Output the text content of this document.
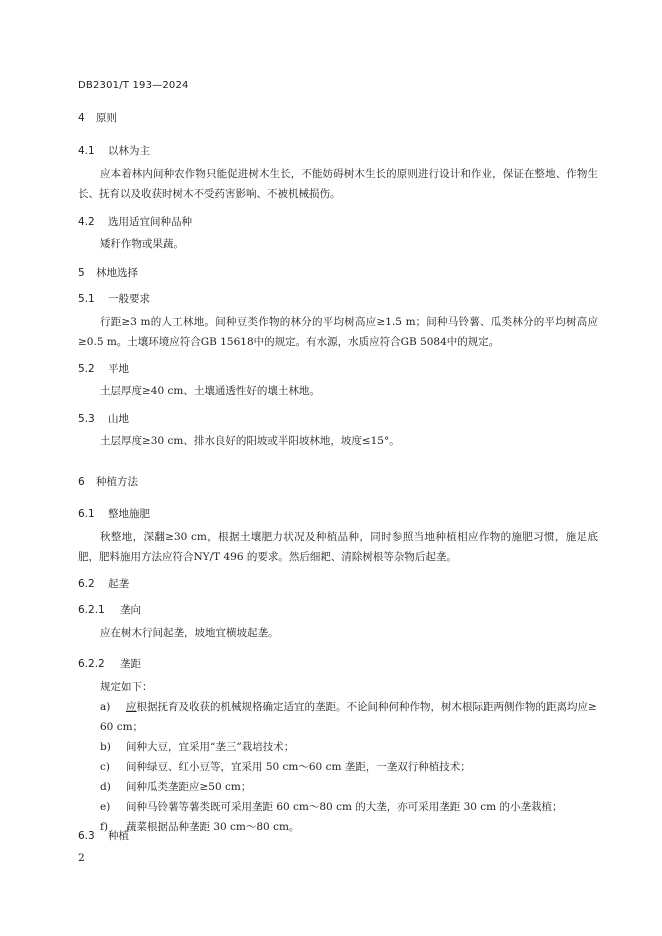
DB2301/T 193—2024
4 原则
4.1 以林为主
应本着林内间种农作物只能促进树木生长，不能妨碍树木生长的原则进行设计和作业，保证在整地、作物生长、抚育以及收获时树木不受药害影响、不被机械损伤。
4.2 选用适宜间种品种
矮秆作物或果蔬。
5 林地选择
5.1 一般要求
行距≥3 m的人工林地。间种豆类作物的林分的平均树高应≥1.5 m；间种马铃薯、瓜类林分的平均树高应≥0.5 m。土壤环境应符合GB 15618中的规定。有水源，水质应符合GB 5084中的规定。
5.2 平地
土层厚度≥40 cm、土壤通透性好的壤土林地。
5.3 山地
土层厚度≥30 cm、排水良好的阳坡或半阳坡林地，坡度≤15°。
6 种植方法
6.1 整地施肥
秋整地，深翻≥30 cm，根据土壤肥力状况及种植品种，同时参照当地种植相应作物的施肥习惯，施足底肥，肥料施用方法应符合NY/T 496 的要求。然后细耙、清除树根等杂物后起垄。
6.2 起垄
6.2.1 垄向
应在树木行间起垄，坡地宜横坡起垄。
6.2.2 垄距
规定如下：
a) 应根据抚育及收获的机械规格确定适宜的垄距。不论间种何种作物，树木根际距两侧作物的距离均应≥ 60 cm；
b) 间种大豆，宜采用“垄三”栽培技术；
c) 间种绿豆、红小豆等，宜采用 50 cm～60 cm 垄距，一垄双行种植技术；
d) 间种瓜类垄距应≥50 cm；
e) 间种马铃薯等薯类既可采用垄距 60 cm～80 cm 的大垄，亦可采用垄距 30 cm 的小垄栽植；
f) 蔬菜根据品种垄距 30 cm～80 cm。
2
6.3 种植
